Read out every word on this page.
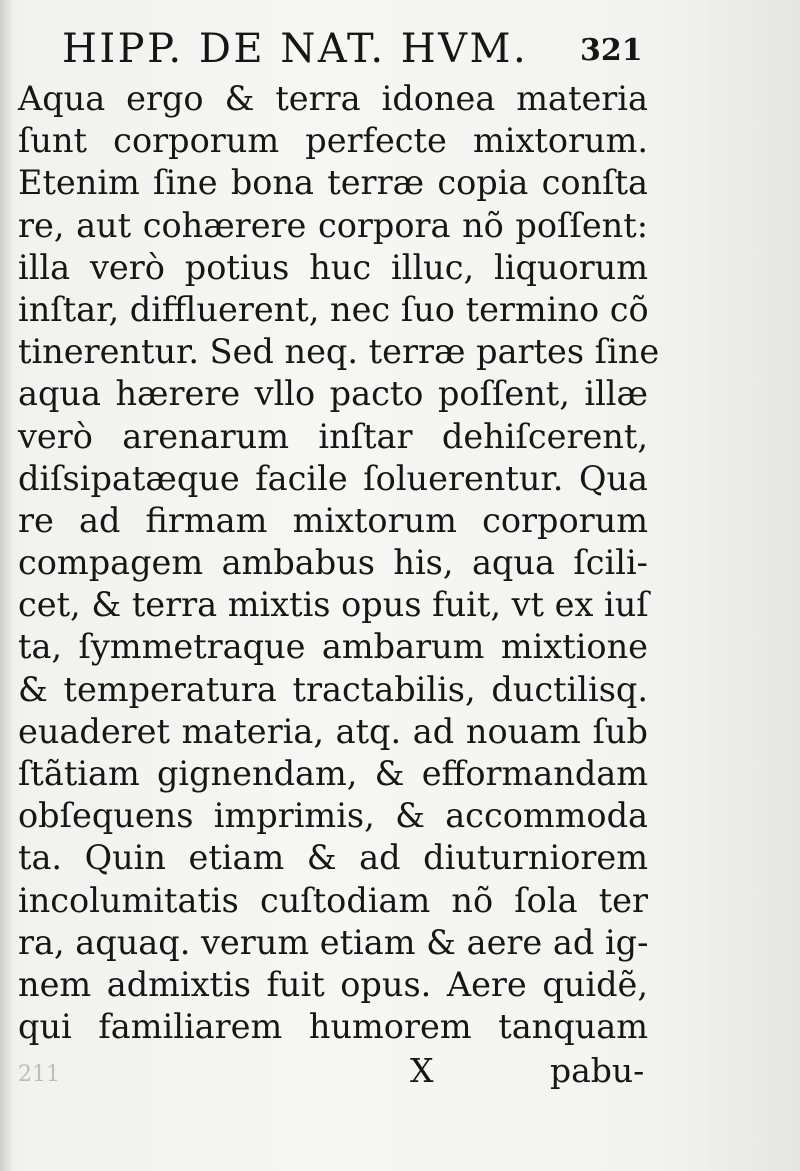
211
HIPP. DE NAT. HVM. 321
Aqua ergo & terra idonea materia
ſunt corporum perfecte mixtorum.
Etenim ſine bona terræ copia conſta
re, aut cohærere corpora nõ poſſent:
illa verò potius huc illuc, liquorum
inſtar, diffluerent, nec ſuo termino cõ
tinerentur. Sed neq. terræ partes ſine
aqua hærere vllo pacto poſſent, illæ
verò arenarum inſtar dehiſcerent,
diſsipatæque facile ſoluerentur. Qua
re ad firmam mixtorum corporum
compagem ambabus his, aqua ſcili-
cet, & terra mixtis opus fuit, vt ex iuſ
ta, ſymmetraque ambarum mixtione
& temperatura tractabilis, ductilisq.
euaderet materia, atq. ad nouam ſub
ſtãtiam gignendam, & efformandam
obſequens imprimis, & accommoda
ta. Quin etiam & ad diuturniorem
incolumitatis cuſtodiam nõ ſola ter
ra, aquaq. verum etiam & aere ad ig-
nem admixtis fuit opus. Aere quidẽ,
qui familiarem humorem tanquam
X	pabu-
